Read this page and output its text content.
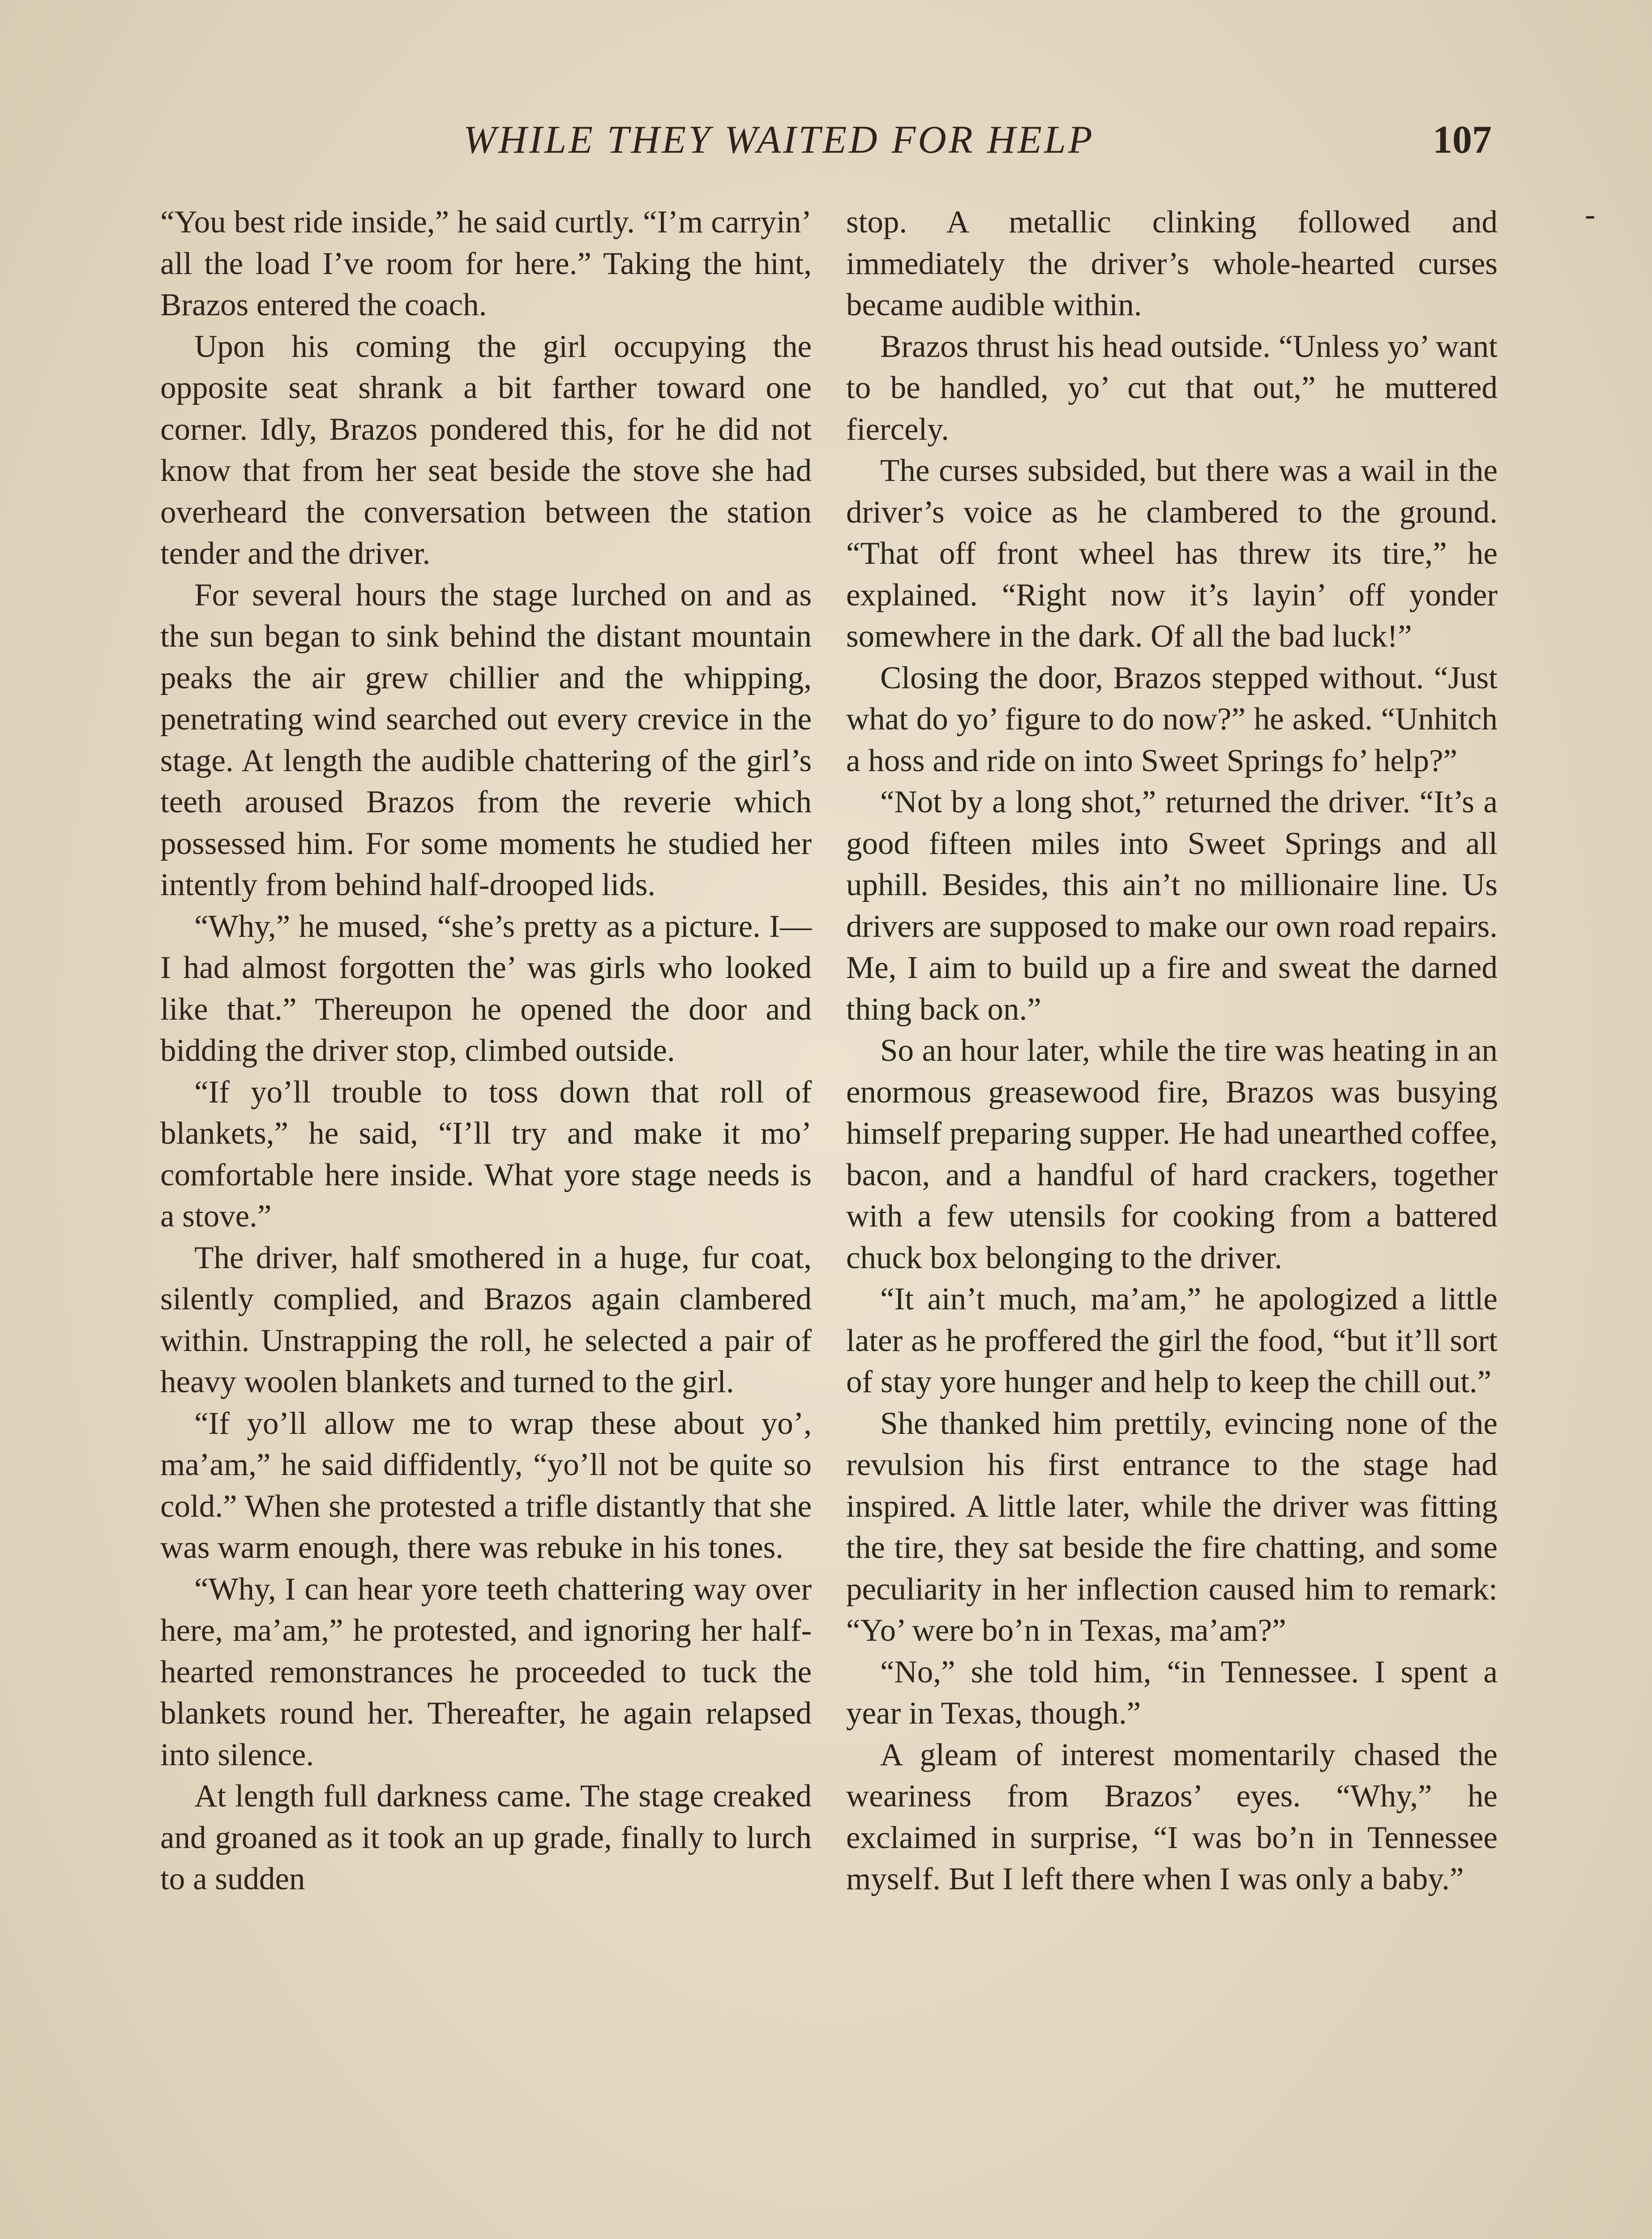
WHILE THEY WAITED FOR HELP	107
-

“You best ride inside,” he said curtly. “I’m carryin’ all the load I’ve room for here.” Taking the hint, Brazos entered the coach.

Upon his coming the girl occupying the opposite seat shrank a bit farther toward one corner. Idly, Brazos pondered this, for he did not know that from her seat beside the stove she had overheard the conversation between the station tender and the driver.

For several hours the stage lurched on and as the sun began to sink behind the distant mountain peaks the air grew chillier and the whipping, penetrating wind searched out every crevice in the stage. At length the audible chattering of the girl’s teeth aroused Brazos from the reverie which possessed him. For some moments he studied her intently from behind half-drooped lids.

“Why,” he mused, “she’s pretty as a picture. I—I had almost forgotten the’ was girls who looked like that.” Thereupon he opened the door and bidding the driver stop, climbed outside.

“If yo’ll trouble to toss down that roll of blankets,” he said, “I’ll try and make it mo’ comfortable here inside. What yore stage needs is a stove.”

The driver, half smothered in a huge, fur coat, silently complied, and Brazos again clambered within. Unstrapping the roll, he selected a pair of heavy woolen blankets and turned to the girl.

“If yo’ll allow me to wrap these about yo’, ma’am,” he said diffidently, “yo’ll not be quite so cold.” When she protested a trifle distantly that she was warm enough, there was rebuke in his tones.

“Why, I can hear yore teeth chattering way over here, ma’am,” he protested, and ignoring her half-hearted remonstrances he proceeded to tuck the blankets round her. Thereafter, he again relapsed into silence.

At length full darkness came. The stage creaked and groaned as it took an up grade, finally to lurch to a sudden

stop. A metallic clinking followed and immediately the driver’s whole-hearted curses became audible within.

Brazos thrust his head outside. “Unless yo’ want to be handled, yo’ cut that out,” he muttered fiercely.

The curses subsided, but there was a wail in the driver’s voice as he clambered to the ground. “That off front wheel has threw its tire,” he explained. “Right now it’s layin’ off yonder somewhere in the dark. Of all the bad luck!”

Closing the door, Brazos stepped without. “Just what do yo’ figure to do now?” he asked. “Unhitch a hoss and ride on into Sweet Springs fo’ help?”

“Not by a long shot,” returned the driver. “It’s a good fifteen miles into Sweet Springs and all uphill. Besides, this ain’t no millionaire line. Us drivers are supposed to make our own road repairs. Me, I aim to build up a fire and sweat the darned thing back on.”

So an hour later, while the tire was heating in an enormous greasewood fire, Brazos was busying himself preparing supper. He had unearthed coffee, bacon, and a handful of hard crackers, together with a few utensils for cooking from a battered chuck box belonging to the driver.

“It ain’t much, ma’am,” he apologized a little later as he proffered the girl the food, “but it’ll sort of stay yore hunger and help to keep the chill out.”

She thanked him prettily, evincing none of the revulsion his first entrance to the stage had inspired. A little later, while the driver was fitting the tire, they sat beside the fire chatting, and some peculiarity in her inflection caused him to remark: “Yo’ were bo’n in Texas, ma’am?”

“No,” she told him, “in Tennessee. I spent a year in Texas, though.”

A gleam of interest momentarily chased the weariness from Brazos’ eyes. “Why,” he exclaimed in surprise, “I was bo’n in Tennessee myself. But I left there when I was only a baby.”
